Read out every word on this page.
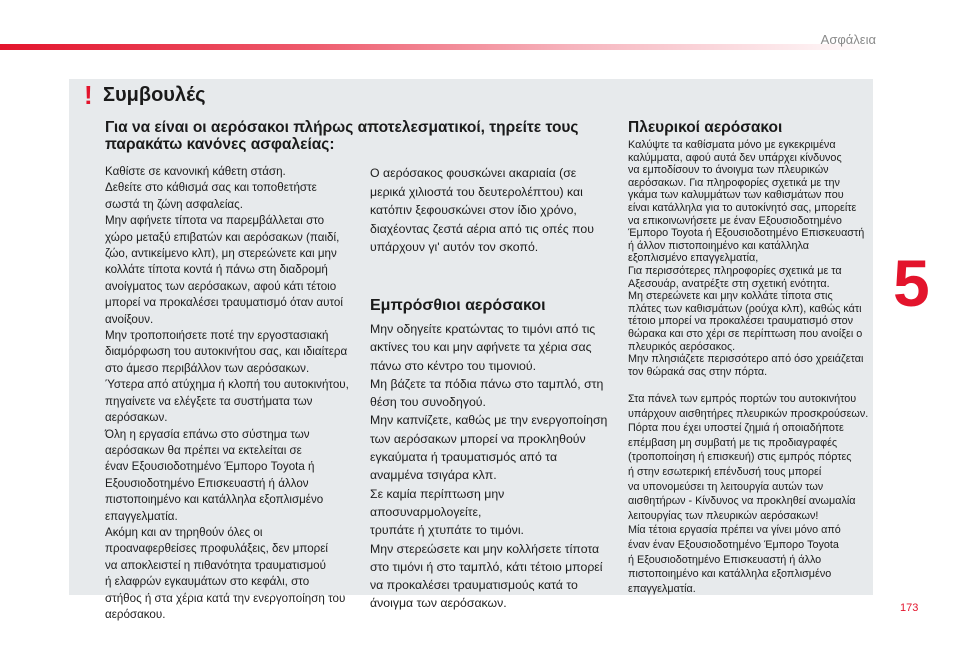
Ασφάλεια
5
! Συμβουλές
Για να είναι οι αερόσακοι πλήρως αποτελεσματικοί, τηρείτε τους
παρακάτω κανόνες ασφαλείας:

Καθίστε σε κανονική κάθετη στάση.

Δεθείτε στο κάθισμά σας και τοποθετήστε

σωστά τη ζώνη ασφαλείας.

Μην αφήνετε τίποτα να παρεμβάλλεται στο

χώρο μεταξύ επιβατών και αερόσακων (παιδί,

ζώο, αντικείμενο κλπ), μη στερεώνετε και μην

κολλάτε τίποτα κοντά ή πάνω στη διαδρομή

ανοίγματος των αερόσακων, αφού κάτι τέτοιο

μπορεί να προκαλέσει τραυματισμό όταν αυτοί

ανοίξουν.

Μην τροποποιήσετε ποτέ την εργοστασιακή

διαμόρφωση του αυτοκινήτου σας, και ιδιαίτερα

στο άμεσο περιβάλλον των αερόσακων.

Ύστερα από ατύχημα ή κλοπή του αυτοκινήτου,

πηγαίνετε να ελέγξετε τα συστήματα των

αερόσακων.

Όλη η εργασία επάνω στο σύστημα των

αερόσακων θα πρέπει να εκτελείται σε

έναν Εξουσιοδοτημένο Έμπορο Toyota ή

Εξουσιοδοτημένο Επισκευαστή ή άλλον

πιστοποιημένο και κατάλληλα εξοπλισμένο

επαγγελματία.

Ακόμη και αν τηρηθούν όλες οι

προαναφερθείσες προφυλάξεις, δεν μπορεί

να αποκλειστεί η πιθανότητα τραυματισμού

ή ελαφρών εγκαυμάτων στο κεφάλι, στο

στήθος ή στα χέρια κατά την ενεργοποίηση του

αερόσακου.

Ο αερόσακος φουσκώνει ακαριαία (σε

μερικά χιλιοστά του δευτερολέπτου) και

κατόπιν ξεφουσκώνει στον ίδιο χρόνο,

διαχέοντας ζεστά αέρια από τις οπές που

υπάρχουν γι' αυτόν τον σκοπό.

Εμπρόσθιοι αερόσακοι

Μην οδηγείτε κρατώντας το τιμόνι από τις

ακτίνες του και μην αφήνετε τα χέρια σας

πάνω στο κέντρο του τιμονιού.

Μη βάζετε τα πόδια πάνω στο ταμπλό, στη

θέση του συνοδηγού.

Μην καπνίζετε, καθώς με την ενεργοποίηση

των αερόσακων μπορεί να προκληθούν

εγκαύματα ή τραυματισμός από τα

αναμμένα τσιγάρα κλπ.

Σε καμία περίπτωση μην αποσυναρμολογείτε,

τρυπάτε ή χτυπάτε το τιμόνι.

Μην στερεώσετε και μην κολλήσετε τίποτα

στο τιμόνι ή στο ταμπλό, κάτι τέτοιο μπορεί

να προκαλέσει τραυματισμούς κατά το

άνοιγμα των αερόσακων.

Πλευρικοί αερόσακοι

Καλύψτε τα καθίσματα μόνο με εγκεκριμένα

καλύμματα, αφού αυτά δεν υπάρχει κίνδυνος

να εμποδίσουν το άνοιγμα των πλευρικών

αερόσακων. Για πληροφορίες σχετικά με την

γκάμα των καλυμμάτων των καθισμάτων που

είναι κατάλληλα για το αυτοκίνητό σας, μπορείτε

να επικοινωνήσετε με έναν Εξουσιοδοτημένο

Έμπορο Toyota ή Εξουσιοδοτημένο Επισκευαστή

ή άλλον πιστοποιημένο και κατάλληλα

εξοπλισμένο επαγγελματία,

Για περισσότερες πληροφορίες σχετικά με τα

Αξεσουάρ, ανατρέξτε στη σχετική ενότητα.

Μη στερεώνετε και μην κολλάτε τίποτα στις

πλάτες των καθισμάτων (ρούχα κλπ), καθώς κάτι

τέτοιο μπορεί να προκαλέσει τραυματισμό στον

θώρακα και στο χέρι σε περίπτωση που ανοίξει ο

πλευρικός αερόσακος.

Μην πλησιάζετε περισσότερο από όσο χρειάζεται

τον θώρακά σας στην πόρτα.

Στα πάνελ των εμπρός πορτών του αυτοκινήτου

υπάρχουν αισθητήρες πλευρικών προσκρούσεων.

Πόρτα που έχει υποστεί ζημιά ή οποιαδήποτε

επέμβαση μη συμβατή με τις προδιαγραφές

(τροποποίηση ή επισκευή) στις εμπρός πόρτες

ή στην εσωτερική επένδυσή τους μπορεί

να υπονομεύσει τη λειτουργία αυτών των

αισθητήρων - Κίνδυνος να προκληθεί ανωμαλία

λειτουργίας των πλευρικών αερόσακων!

Μία τέτοια εργασία πρέπει να γίνει μόνο από

έναν έναν Εξουσιοδοτημένο Έμπορο Toyota

ή Εξουσιοδοτημένο Επισκευαστή ή άλλο

πιστοποιημένο και κατάλληλα εξοπλισμένο

επαγγελματία.

173
